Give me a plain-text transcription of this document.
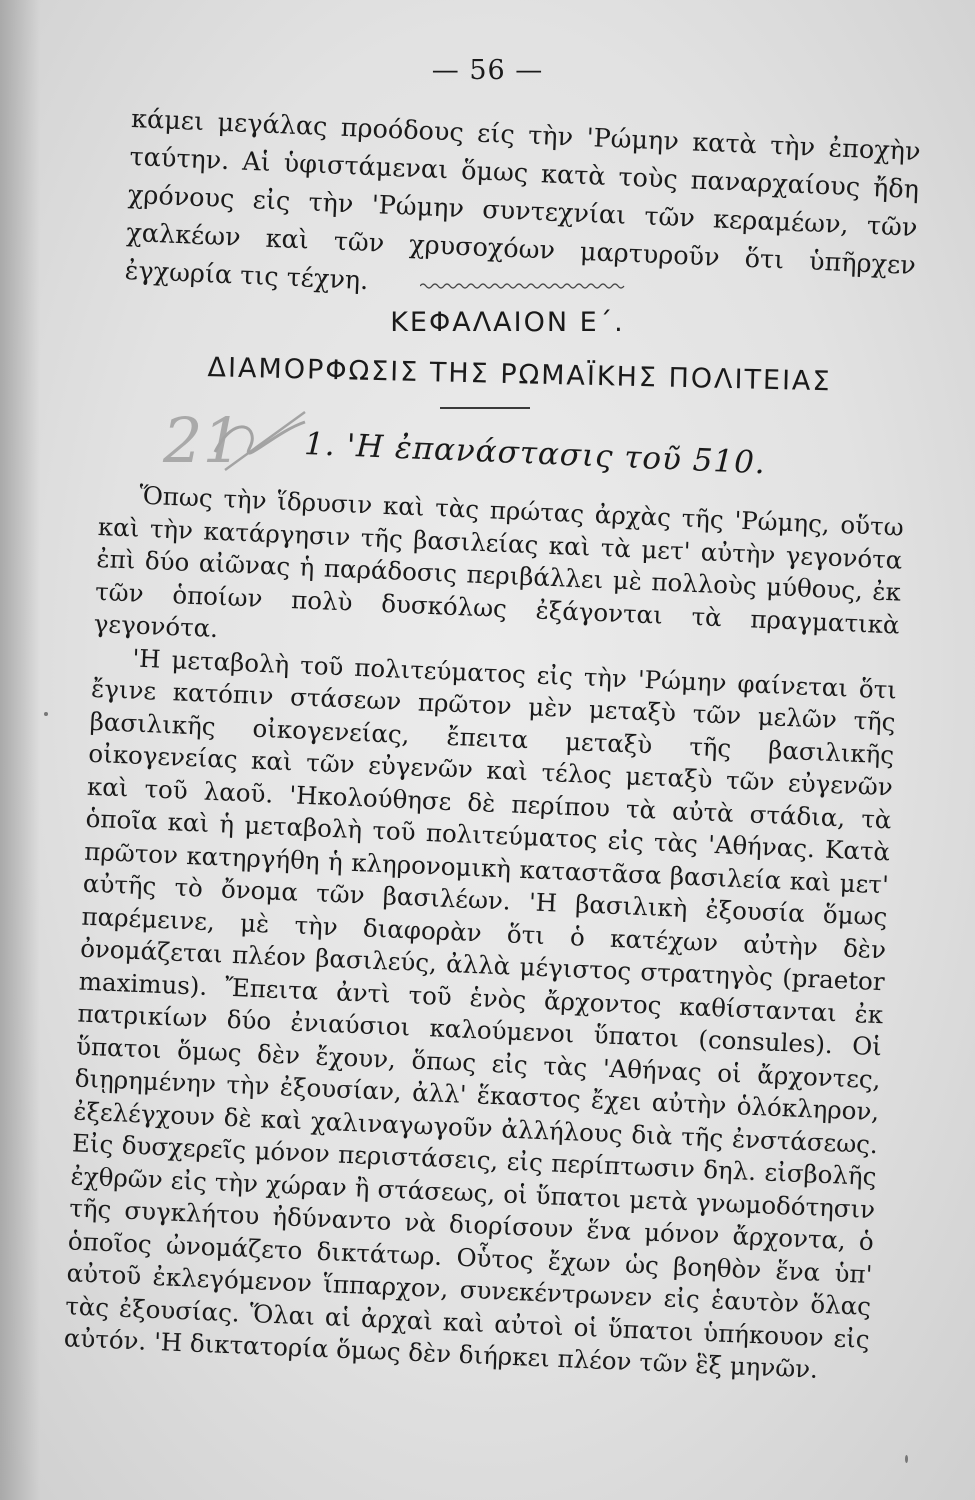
— 56 —

κάμει μεγάλας προόδους είς τὴν 'Ρώμην κατὰ τὴν ἐποχὴν ταύτην. Αἱ ὑφιστάμεναι ὅμως κατὰ τοὺς παναρχαίους ἤδη χρόνους εἰς τὴν 'Ρώμην συντεχνίαι τῶν κεραμέων, τῶν χαλκέων καὶ τῶν χρυσοχόων μαρτυροῦν ὅτι ὑπῆρχεν ἐγχωρία τις τέχνη.

ΚΕΦΑΛΑΙΟΝ Ε΄.
ΔΙΑΜΟΡΦΩΣΙΣ ΤΗΣ ΡΩΜΑΪΚΗΣ ΠΟΛΙΤΕΙΑΣ
21 1. 'Η ἐπανάστασις τοῦ 510.

Ὅπως τὴν ἵδρυσιν καὶ τὰς πρώτας ἀρχὰς τῆς 'Ρώμης, οὕτω καὶ τὴν κατάργησιν τῆς βασιλείας καὶ τὰ μετ' αὐτὴν γεγονότα ἐπὶ δύο αἰῶνας ἡ παράδοσις περιβάλλει μὲ πολλοὺς μύθους, ἐκ τῶν ὁποίων πολὺ δυσκόλως ἐξάγονται τὰ πραγματικὰ γεγονότα.

'Η μεταβολὴ τοῦ πολιτεύματος εἰς τὴν 'Ρώμην φαίνεται ὅτι ἔγινε κατόπιν στάσεων πρῶτον μὲν μεταξὺ τῶν μελῶν τῆς βασιλικῆς οἰκογενείας, ἔπειτα μεταξὺ τῆς βασιλικῆς οἰκογενείας καὶ τῶν εὐγενῶν καὶ τέλος μεταξὺ τῶν εὐγενῶν καὶ τοῦ λαοῦ. 'Ηκολούθησε δὲ περίπου τὰ αὐτὰ στάδια, τὰ ὁποῖα καὶ ἡ μεταβολὴ τοῦ πολιτεύματος εἰς τὰς 'Αθήνας. Κατὰ πρῶτον κατηργήθη ἡ κληρονομικὴ καταστᾶσα βασιλεία καὶ μετ' αὐτῆς τὸ ὄνομα τῶν βασιλέων. 'Η βασιλικὴ ἐξουσία ὅμως παρέμεινε, μὲ τὴν διαφορὰν ὅτι ὁ κατέχων αὐτὴν δὲν ὀνομάζεται πλέον βασιλεύς, ἀλλὰ μέγιστος στρατηγὸς (praetor maximus). Ἔπειτα ἀντὶ τοῦ ἑνὸς ἄρχοντος καθίστανται ἐκ πατρικίων δύο ἐνιαύσιοι καλούμενοι ὕπατοι (consules). Οἱ ὕπατοι ὅμως δὲν ἔχουν, ὅπως εἰς τὰς 'Αθήνας οἱ ἄρχοντες, διῃρημένην τὴν ἐξουσίαν, ἀλλ' ἕκαστος ἔχει αὐτὴν ὁλόκληρον, ἐξελέγχουν δὲ καὶ χαλιναγωγοῦν ἀλλήλους διὰ τῆς ἐνστάσεως. Εἰς δυσχερεῖς μόνον περιστάσεις, εἰς περίπτωσιν δηλ. εἰσβολῆς ἐχθρῶν εἰς τὴν χώραν ἢ στάσεως, οἱ ὕπατοι μετὰ γνωμοδότησιν τῆς συγκλήτου ἠδύναντο νὰ διορίσουν ἕνα μόνον ἄρχοντα, ὁ ὁποῖος ὠνομάζετο δικτάτωρ. Οὗτος ἔχων ὡς βοηθὸν ἕνα ὑπ' αὐτοῦ ἐκλεγόμενον ἵππαρχον, συνεκέντρωνεν εἰς ἑαυτὸν ὅλας τὰς ἐξουσίας. Ὅλαι αἱ ἀρχαὶ καὶ αὐτοὶ οἱ ὕπατοι ὑπήκουον εἰς αὐτόν. 'Η δικτατορία ὅμως δὲν διήρκει πλέον τῶν ἓξ μηνῶν.
